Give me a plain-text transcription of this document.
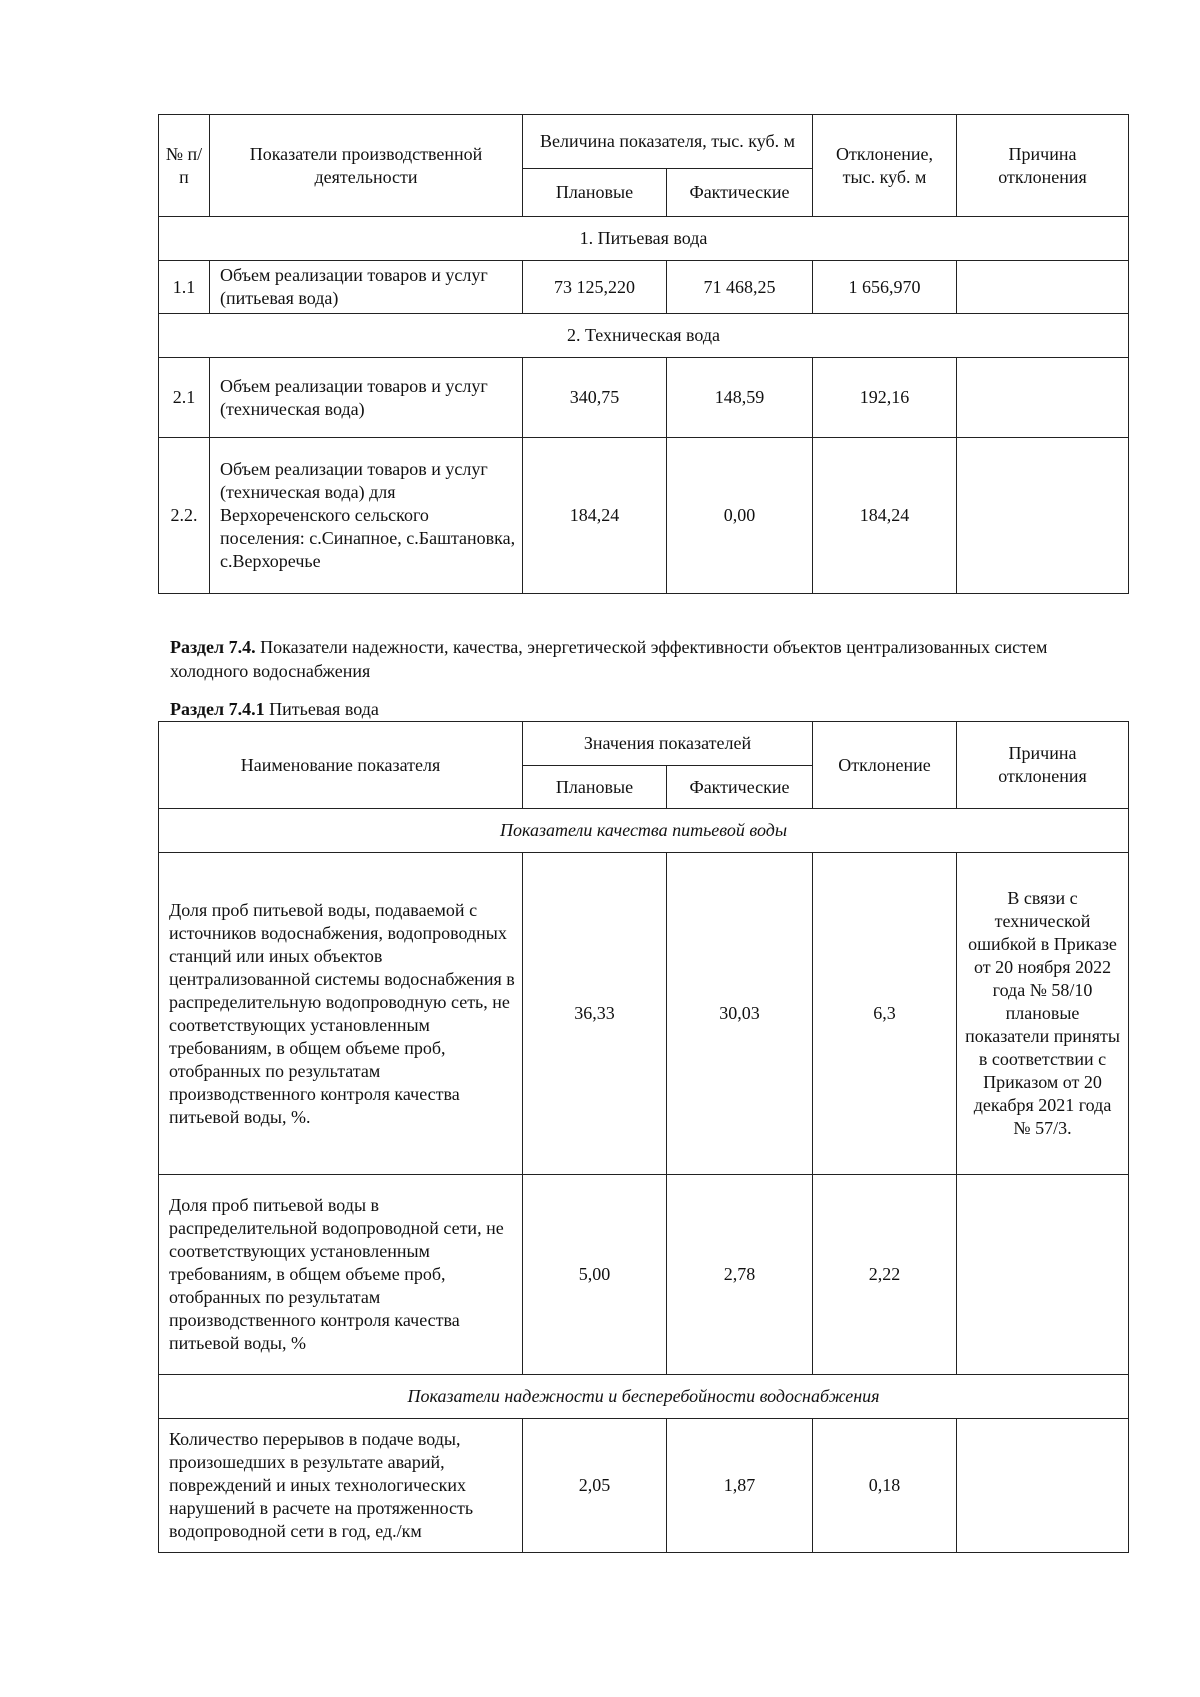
№ п/п	Показатели производственной деятельности	Величина показателя, тыс. куб. м		Отклонение, тыс. куб. м	Причина отклонения
		Плановые	Фактические		
1. Питьевая вода					
1.1	Объем реализации товаров и услуг (питьевая вода)	73 125,220	71 468,25	1 656,970	
2. Техническая вода					
2.1	Объем реализации товаров и услуг (техническая вода)	340,75	148,59	192,16	
2.2.	Объем реализации товаров и услуг (техническая вода) для Верхореченского сельского поселения: с.Синапное, с.Баштановка, с.Верхоречье	184,24	0,00	184,24	
Раздел 7.4. Показатели надежности, качества, энергетической эффективности объектов централизованных систем холодного водоснабжения
Раздел 7.4.1 Питьевая вода
Наименование показателя	Значения показателей		Отклонение	Причина отклонения
	Плановые	Фактические		
Показатели качества питьевой воды				
Доля проб питьевой воды, подаваемой с источников водоснабжения, водопроводных станций или иных объектов централизованной системы водоснабжения в распределительную водопроводную сеть, не соответствующих установленным требованиям, в общем объеме проб, отобранных по результатам производственного контроля качества питьевой воды, %.	36,33	30,03	6,3	В связи с технической ошибкой в Приказе от 20 ноября 2022 года № 58/10 плановые показатели приняты в соответствии с Приказом от 20 декабря 2021 года № 57/3.
Доля проб питьевой воды в распределительной водопроводной сети, не соответствующих установленным требованиям, в общем объеме проб, отобранных по результатам производственного контроля качества питьевой воды, %	5,00	2,78	2,22	
Показатели надежности и бесперебойности водоснабжения				
Количество перерывов в подаче воды, произошедших в результате аварий, повреждений и иных технологических нарушений в расчете на протяженность водопроводной сети в год, ед./км	2,05	1,87	0,18	
